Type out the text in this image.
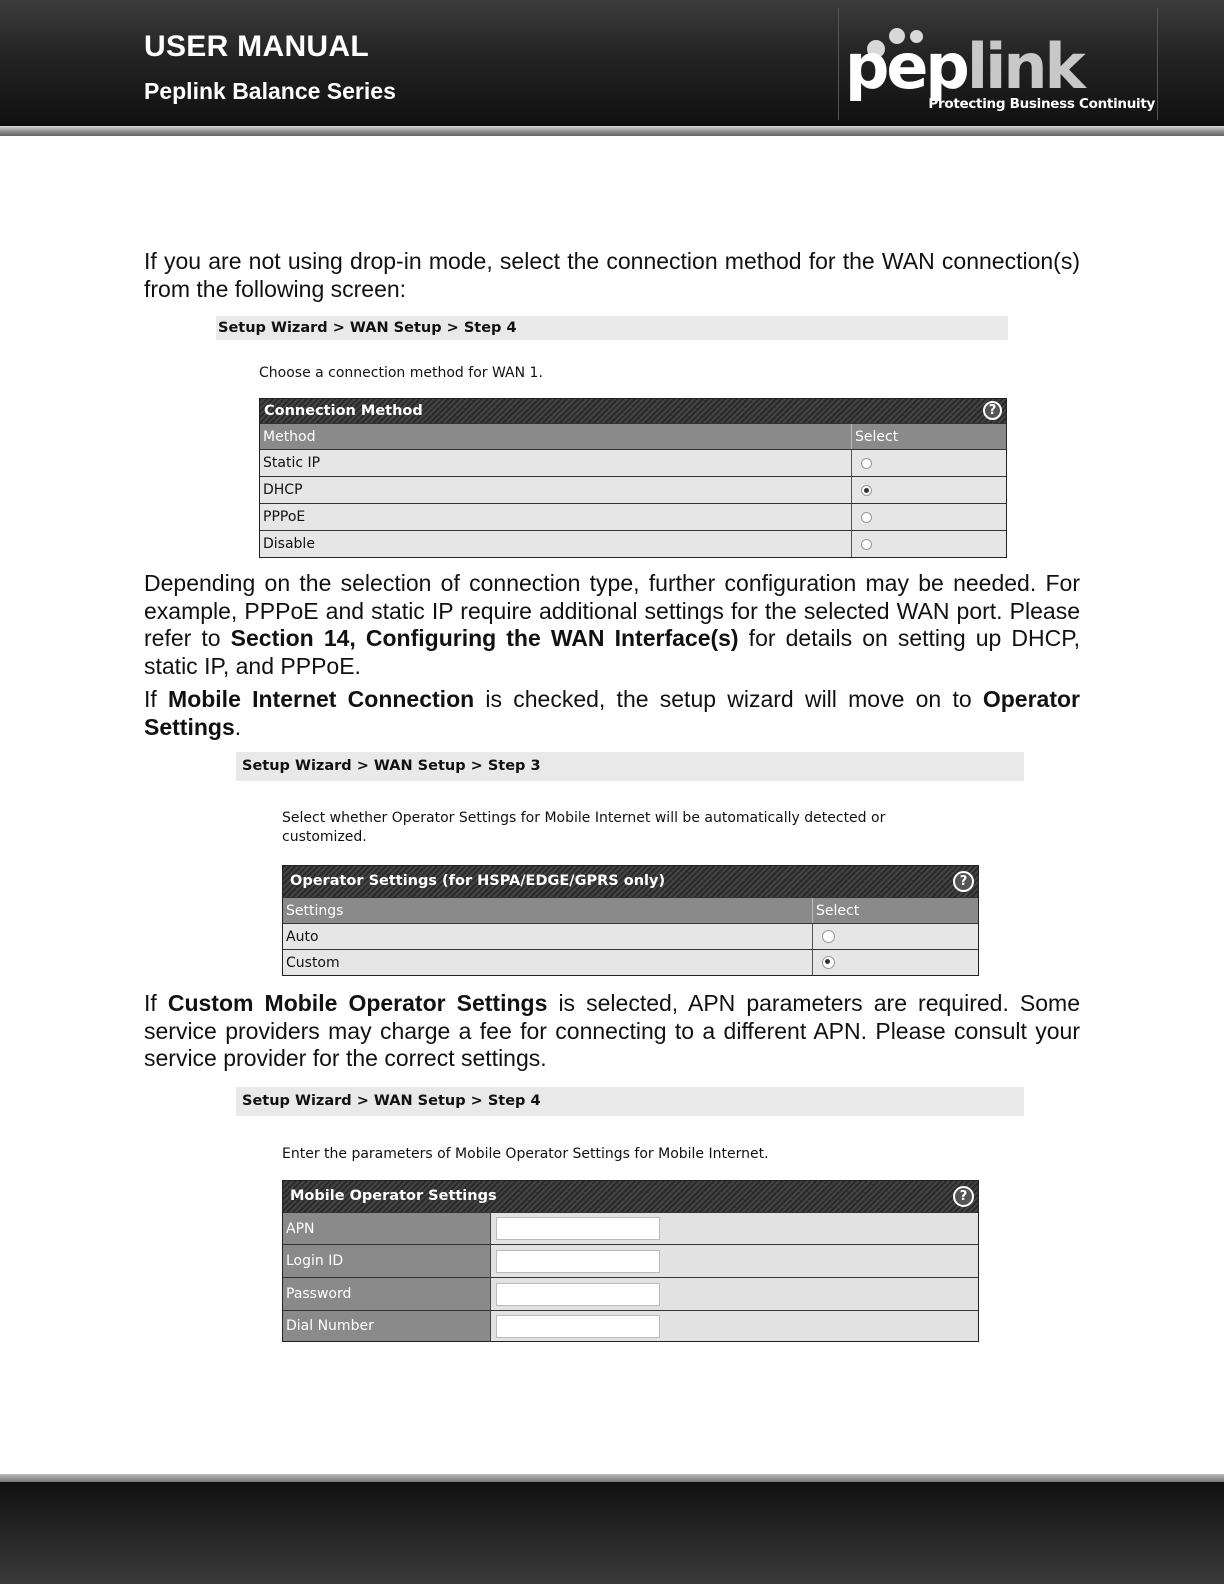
USER MANUAL
Peplink Balance Series	peplink
Protecting Business Continuity

If you are not using drop-in mode, select the connection method for the WAN connection(s) from the following screen:

Setup Wizard > WAN Setup > Step 4
Choose a connection method for WAN 1.
Connection Method	?
Method	Select
Static IP
DHCP
PPPoE
Disable

Depending on the selection of connection type, further configuration may be needed. For example, PPPoE and static IP require additional settings for the selected WAN port. Please refer to Section 14, Configuring the WAN Interface(s) for details on setting up DHCP, static IP, and PPPoE.

If Mobile Internet Connection is checked, the setup wizard will move on to Operator Settings.

Setup Wizard > WAN Setup > Step 3
Select whether Operator Settings for Mobile Internet will be automatically detected or customized.
Operator Settings (for HSPA/EDGE/GPRS only)	?
Settings	Select
Auto
Custom

If Custom Mobile Operator Settings is selected, APN parameters are required. Some service providers may charge a fee for connecting to a different APN. Please consult your service provider for the correct settings.

Setup Wizard > WAN Setup > Step 4
Enter the parameters of Mobile Operator Settings for Mobile Internet.
Mobile Operator Settings	?
APN
Login ID
Password
Dial Number
